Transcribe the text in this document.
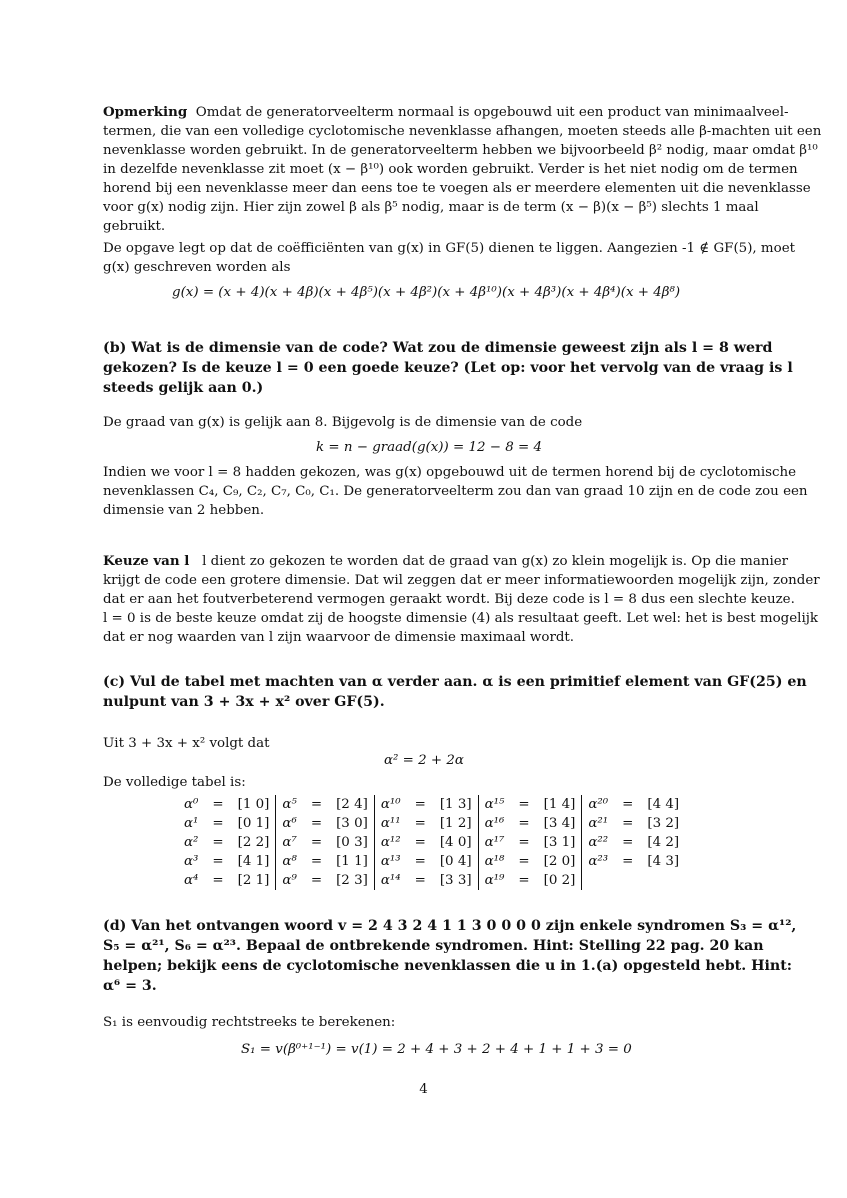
Opmerking Omdat de generatorveelterm normaal is opgebouwd uit een product van minimaalveel-
termen, die van een volledige cyclotomische nevenklasse afhangen, moeten steeds alle β-machten uit een
nevenklasse worden gebruikt. In de generatorveelterm hebben we bijvoorbeeld β² nodig, maar omdat β¹⁰
in dezelfde nevenklasse zit moet (x − β¹⁰) ook worden gebruikt. Verder is het niet nodig om de termen
horend bij een nevenklasse meer dan eens toe te voegen als er meerdere elementen uit die nevenklasse
voor g(x) nodig zijn. Hier zijn zowel β als β⁵ nodig, maar is de term (x − β)(x − β⁵) slechts 1 maal
gebruikt.
De opgave legt op dat de coëfficiënten van g(x) in GF(5) dienen te liggen. Aangezien -1 ∉ GF(5), moet
g(x) geschreven worden als
g(x) = (x + 4)(x + 4β)(x + 4β⁵)(x + 4β²)(x + 4β¹⁰)(x + 4β³)(x + 4β⁴)(x + 4β⁸)
(b) Wat is de dimensie van de code? Wat zou de dimensie geweest zijn als l = 8 werd
gekozen? Is de keuze l = 0 een goede keuze? (Let op: voor het vervolg van de vraag is l
steeds gelijk aan 0.)
De graad van g(x) is gelijk aan 8. Bijgevolg is de dimensie van de code
k = n − graad(g(x)) = 12 − 8 = 4
Indien we voor l = 8 hadden gekozen, was g(x) opgebouwd uit de termen horend bij de cyclotomische
nevenklassen C₄, C₉, C₂, C₇, C₀, C₁. De generatorveelterm zou dan van graad 10 zijn en de code zou een
dimensie van 2 hebben.
Keuze van l l dient zo gekozen te worden dat de graad van g(x) zo klein mogelijk is. Op die manier
krijgt de code een grotere dimensie. Dat wil zeggen dat er meer informatiewoorden mogelijk zijn, zonder
dat er aan het foutverbeterend vermogen geraakt wordt. Bij deze code is l = 8 dus een slechte keuze.
l = 0 is de beste keuze omdat zij de hoogste dimensie (4) als resultaat geeft. Let wel: het is best mogelijk
dat er nog waarden van l zijn waarvoor de dimensie maximaal wordt.
(c) Vul de tabel met machten van α verder aan. α is een primitief element van GF(25) en
nulpunt van 3 + 3x + x² over GF(5).
Uit 3 + 3x + x² volgt dat
α² = 2 + 2α
De volledige tabel is:
α⁰	=	[1 0]	α⁵	=	[2 4]	α¹⁰	=	[1 3]	α¹⁵	=	[1 4]	α²⁰	=	[4 4]
α¹	=	[0 1]	α⁶	=	[3 0]	α¹¹	=	[1 2]	α¹⁶	=	[3 4]	α²¹	=	[3 2]
α²	=	[2 2]	α⁷	=	[0 3]	α¹²	=	[4 0]	α¹⁷	=	[3 1]	α²²	=	[4 2]
α³	=	[4 1]	α⁸	=	[1 1]	α¹³	=	[0 4]	α¹⁸	=	[2 0]	α²³	=	[4 3]
α⁴	=	[2 1]	α⁹	=	[2 3]	α¹⁴	=	[3 3]	α¹⁹	=	[0 2]			
(d) Van het ontvangen woord v = 2 4 3 2 4 1 1 3 0 0 0 0 zijn enkele syndromen S₃ = α¹²,
S₅ = α²¹, S₆ = α²³. Bepaal de ontbrekende syndromen. Hint: Stelling 22 pag. 20 kan
helpen; bekijk eens de cyclotomische nevenklassen die u in 1.(a) opgesteld hebt. Hint:
α⁶ = 3.
S₁ is eenvoudig rechtstreeks te berekenen:
S₁ = v(β⁰⁺¹⁻¹) = v(1) = 2 + 4 + 3 + 2 + 4 + 1 + 1 + 3 = 0
4
